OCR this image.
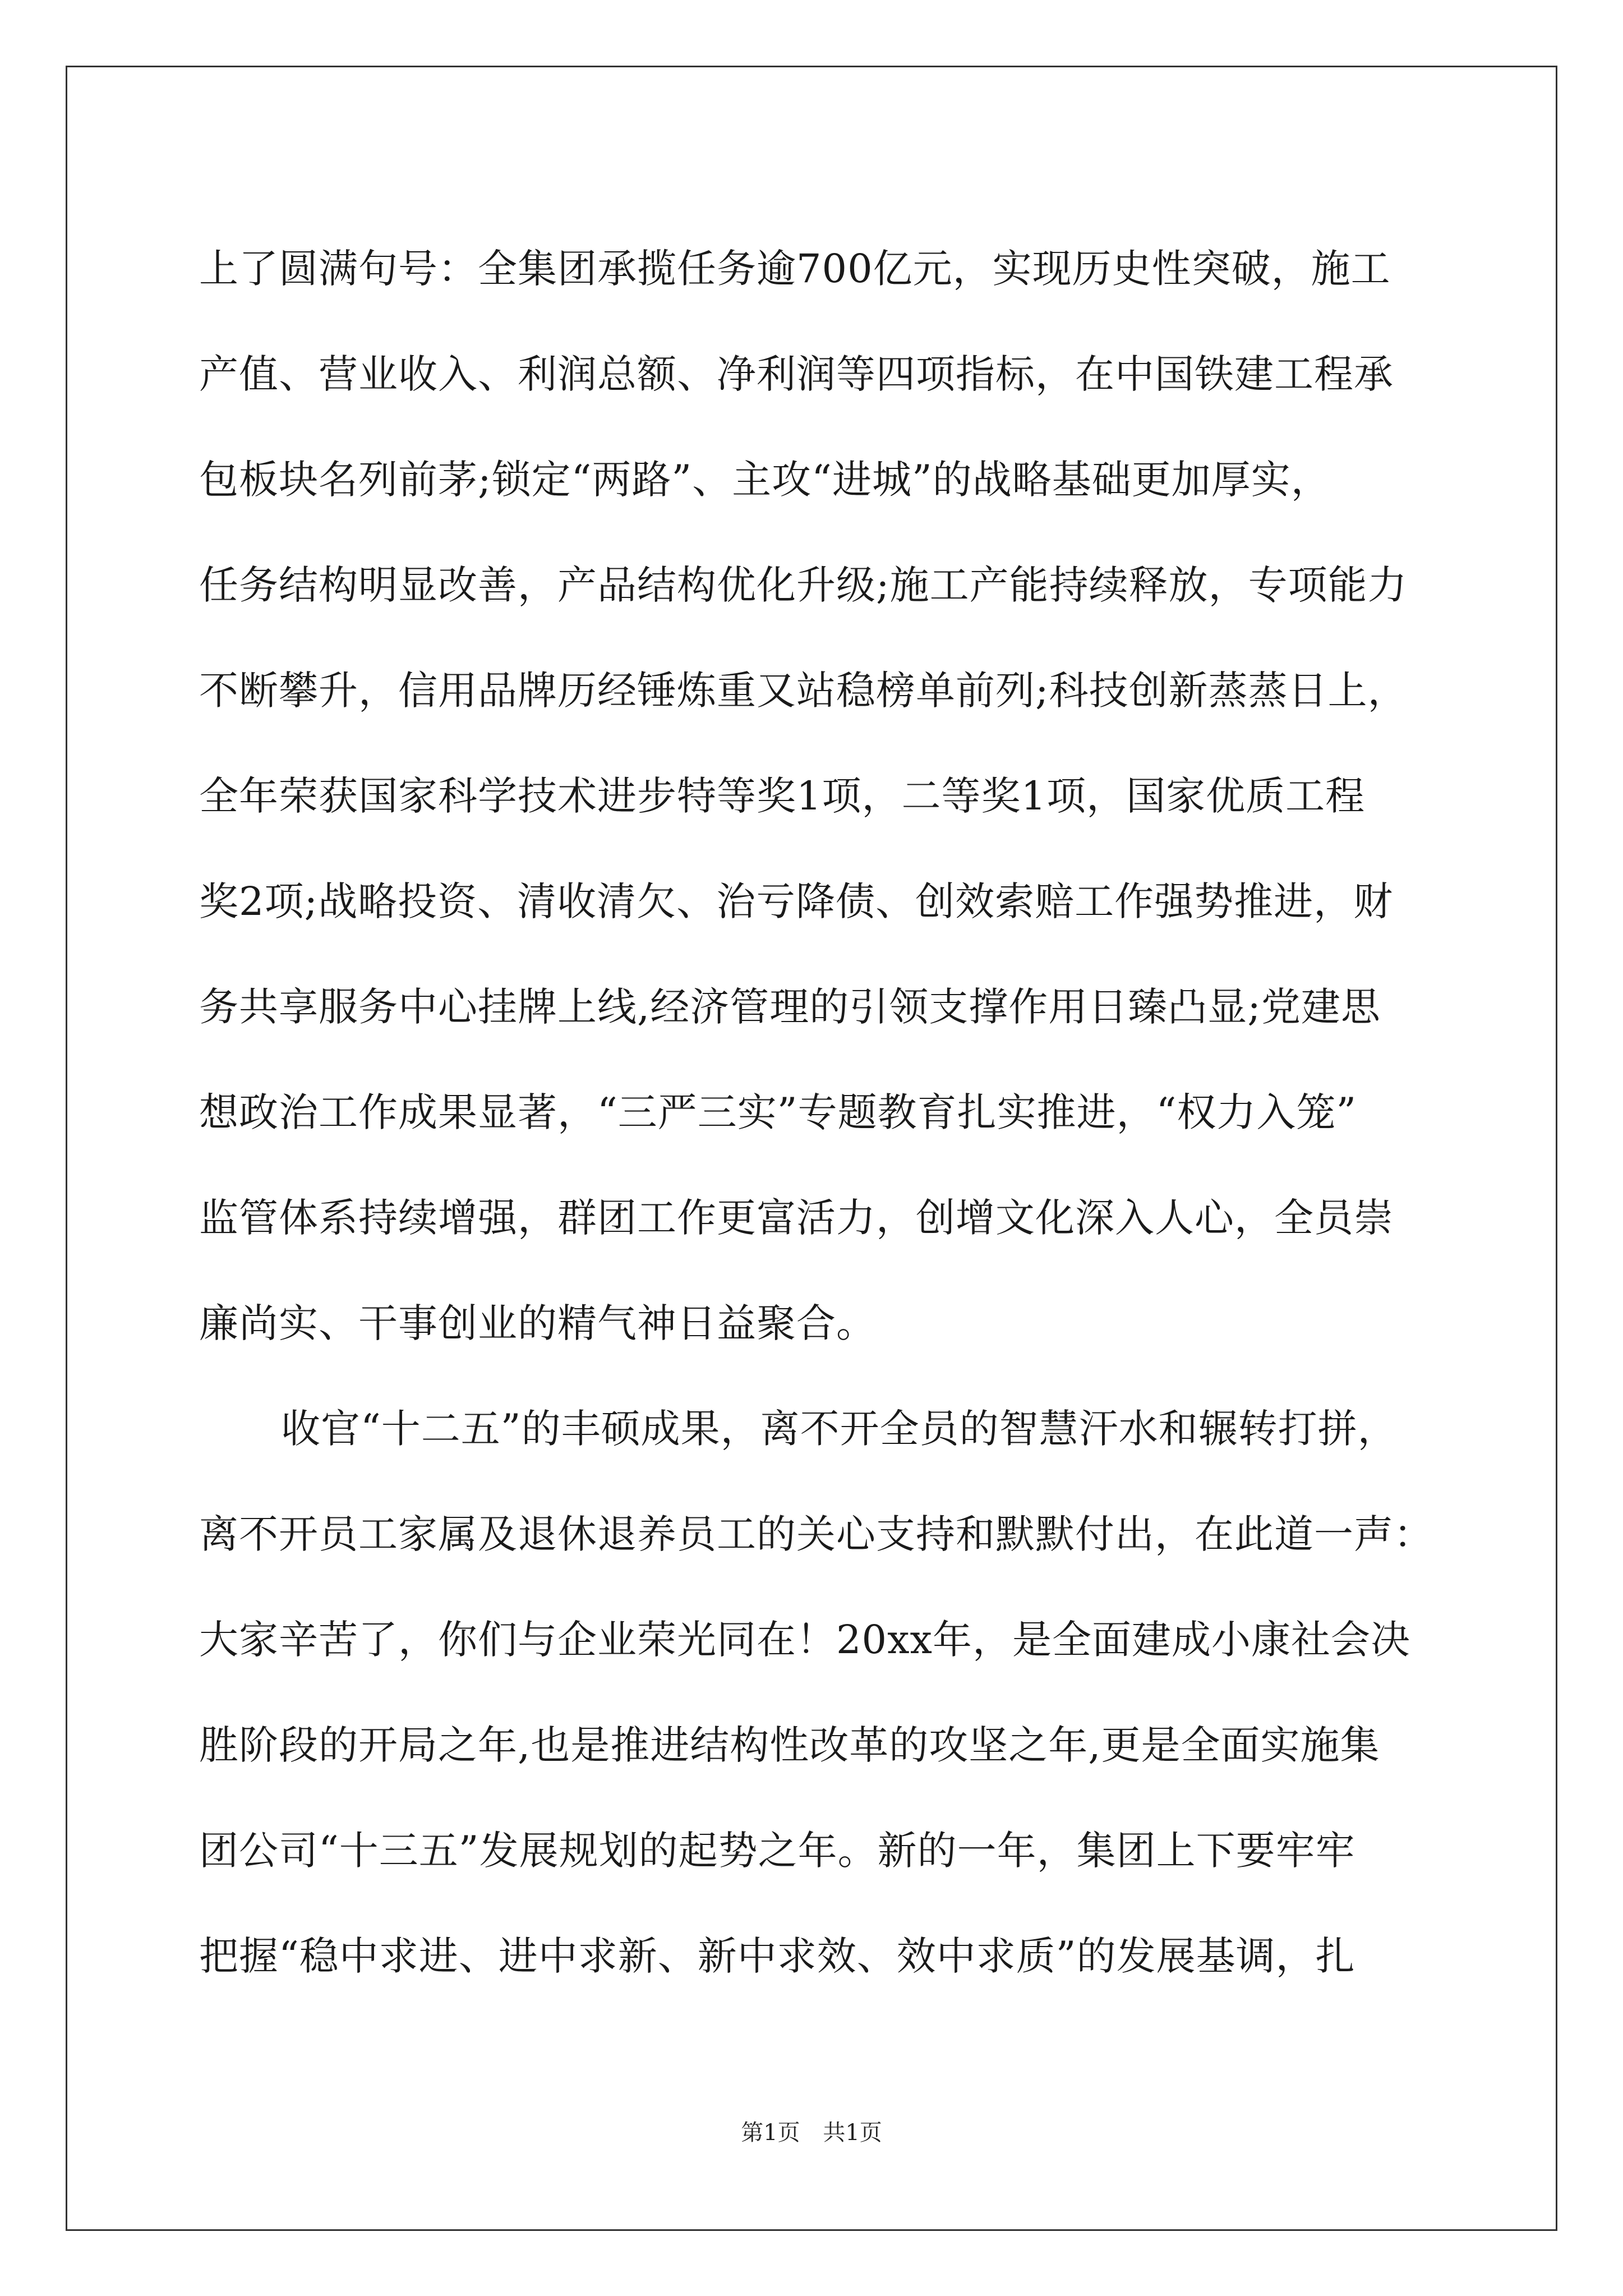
上了圆满句号：全集团承揽任务逾700亿元，实现历史性突破，施工
产值、营业收入、利润总额、净利润等四项指标，在中国铁建工程承
包板块名列前茅;锁定“两路”、主攻“进城”的战略基础更加厚实，
任务结构明显改善，产品结构优化升级;施工产能持续释放，专项能力
不断攀升，信用品牌历经锤炼重又站稳榜单前列;科技创新蒸蒸日上，
全年荣获国家科学技术进步特等奖1项，二等奖1项，国家优质工程
奖2项;战略投资、清收清欠、治亏降债、创效索赔工作强势推进，财
务共享服务中心挂牌上线,经济管理的引领支撑作用日臻凸显;党建思
想政治工作成果显著，“三严三实”专题教育扎实推进，“权力入笼”
监管体系持续增强，群团工作更富活力，创增文化深入人心，全员崇
廉尚实、干事创业的精气神日益聚合。
收官“十二五”的丰硕成果，离不开全员的智慧汗水和辗转打拼，
离不开员工家属及退休退养员工的关心支持和默默付出，在此道一声：
大家辛苦了，你们与企业荣光同在！20xx年，是全面建成小康社会决
胜阶段的开局之年,也是推进结构性改革的攻坚之年,更是全面实施集
团公司“十三五”发展规划的起势之年。新的一年，集团上下要牢牢
把握“稳中求进、进中求新、新中求效、效中求质”的发展基调，扎
第1页 共1页
